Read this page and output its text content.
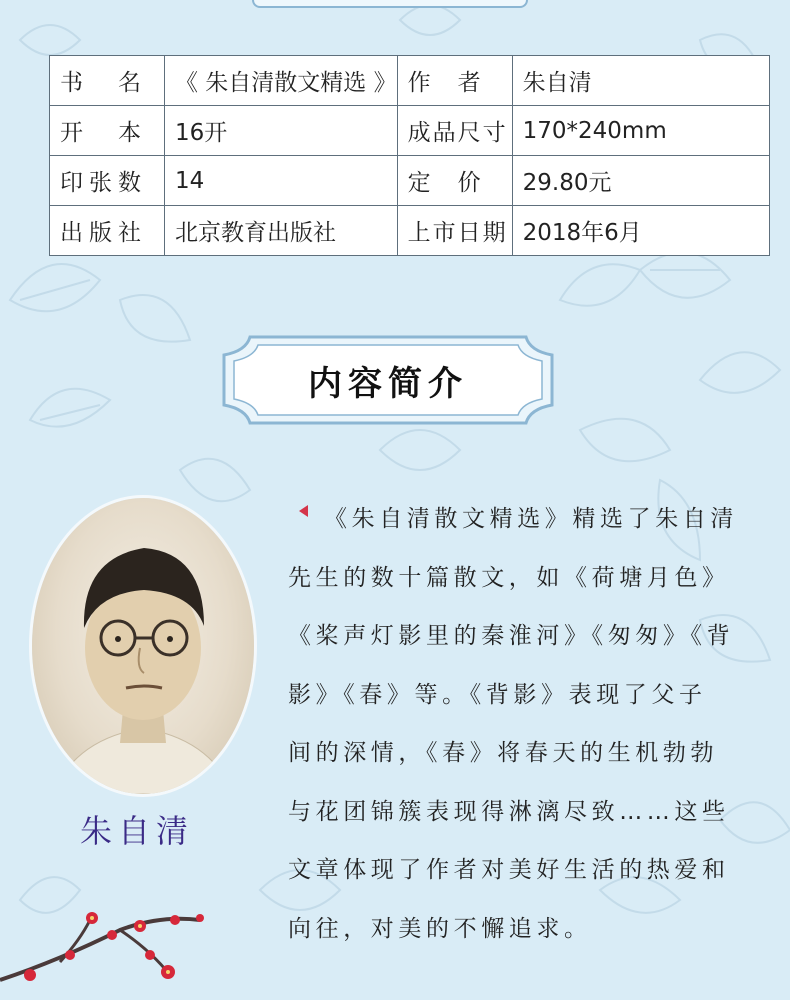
书　名	《 朱自清散文精选 》	作　者	朱自清
开　本	16开	成品尺寸	170*240mm
印张数	14	定　价	29.80元
出版社	北京教育出版社	上市日期	2018年6月
内容简介
朱自清
《朱自清散文精选》精选了朱自清
先生的数十篇散文，如《荷塘月色》
《桨声灯影里的秦淮河》《匆匆》《背
影》《春》等。《背影》表现了父子
间的深情，《春》将春天的生机勃勃
与花团锦簇表现得淋漓尽致……这些
文章体现了作者对美好生活的热爱和
向往，对美的不懈追求。
